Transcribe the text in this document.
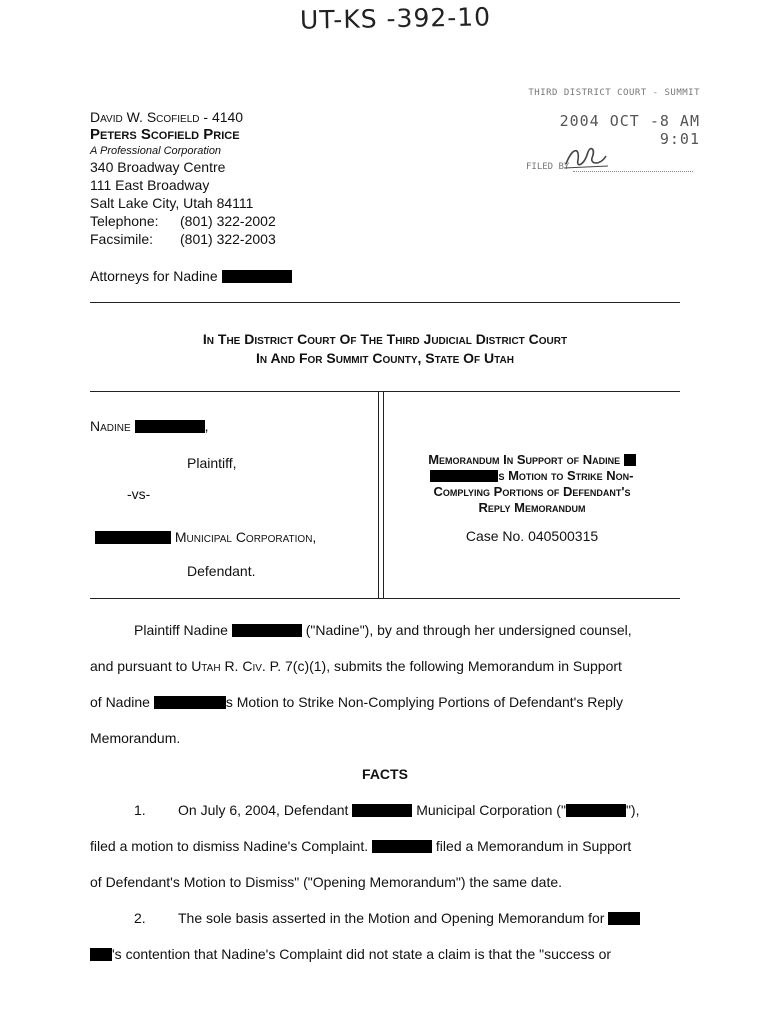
UT-KS -392-10
THIRD DISTRICT COURT - SUMMIT
2004 OCT -8 AM 9:01
FILED BY
David W. Scofield - 4140
Peters Scofield Price
A Professional Corporation
340 Broadway Centre
111 East Broadway
Salt Lake City, Utah 84111
Telephone: (801) 322-2002
Facsimile: (801) 322-2003
Attorneys for Nadine
In The District Court Of The Third Judicial District Court
In And For Summit County, State Of Utah
Nadine	,
Plaintiff,
-vs-
Municipal Corporation,
Defendant.
Memorandum In Support of Nadine
s Motion to Strike Non-
Complying Portions of Defendant's
Reply Memorandum
Case No. 040500315

Plaintiff Nadine	("Nadine"), by and through her undersigned counsel,

and pursuant to Utah R. Civ. P. 7(c)(1), submits the following Memorandum in Support

of Nadine	s Motion to Strike Non-Complying Portions of Defendant's Reply

Memorandum.

FACTS

1. On July 6, 2004, Defendant	Municipal Corporation ("	"),

filed a motion to dismiss Nadine's Complaint.	filed a Memorandum in Support

of Defendant's Motion to Dismiss" ("Opening Memorandum") the same date.

2. The sole basis asserted in the Motion and Opening Memorandum for

's contention that Nadine's Complaint did not state a claim is that the "success or
